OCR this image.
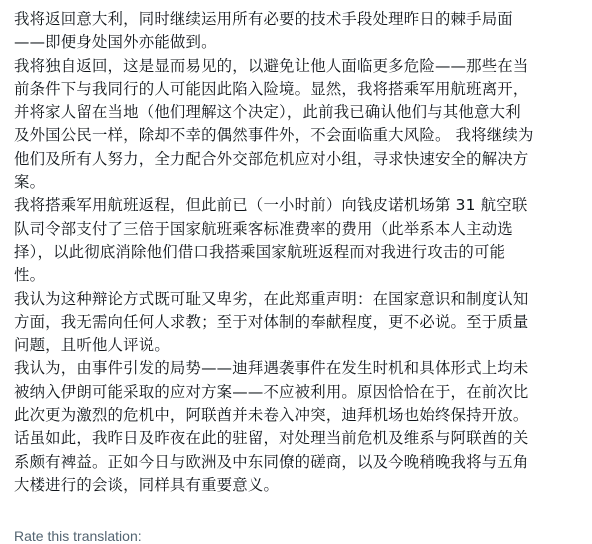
我将返回意大利，同时继续运用所有必要的技术手段处理昨日的棘手局面
——即便身处国外亦能做到。
我将独自返回，这是显而易见的，以避免让他人面临更多危险——那些在当
前条件下与我同行的人可能因此陷入险境。显然，我将搭乘军用航班离开，
并将家人留在当地（他们理解这个决定），此前我已确认他们与其他意大利
及外国公民一样，除却不幸的偶然事件外，不会面临重大风险。 我将继续为
他们及所有人努力，全力配合外交部危机应对小组，寻求快速安全的解决方
案。
我将搭乘军用航班返程，但此前已（一小时前）向钱皮诺机场第 31 航空联
队司令部支付了三倍于国家航班乘客标准费率的费用（此举系本人主动选
择），以此彻底消除他们借口我搭乘国家航班返程而对我进行攻击的可能
性。
我认为这种辩论方式既可耻又卑劣，在此郑重声明：在国家意识和制度认知
方面，我无需向任何人求教；至于对体制的奉献程度，更不必说。至于质量
问题，且听他人评说。
我认为，由事件引发的局势——迪拜遇袭事件在发生时机和具体形式上均未
被纳入伊朗可能采取的应对方案——不应被利用。原因恰恰在于，在前次比
此次更为激烈的危机中，阿联酋并未卷入冲突，迪拜机场也始终保持开放。
话虽如此，我昨日及昨夜在此的驻留，对处理当前危机及维系与阿联酋的关
系颇有裨益。正如今日与欧洲及中东同僚的磋商，以及今晚稍晚我将与五角
大楼进行的会谈，同样具有重要意义。
Rate this translation:
